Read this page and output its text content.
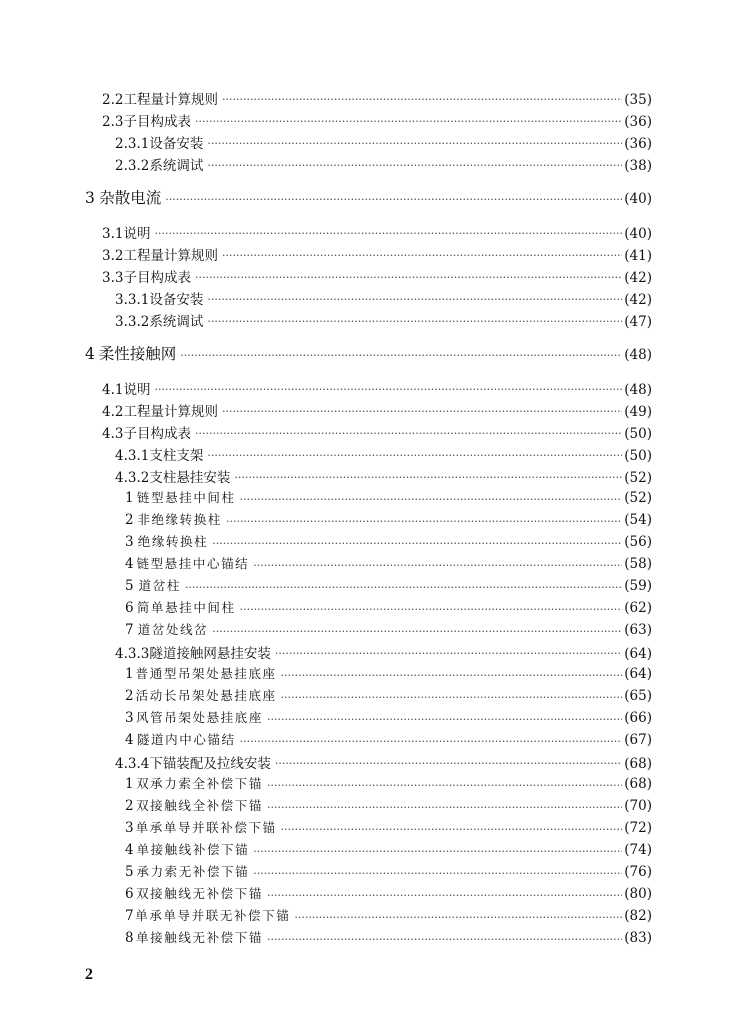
2.2 工程量计算规则 ·····	(35)
2.3 子目构成表 ·····	(36)
2.3.1 设备安装 ·····	(36)
2.3.2 系统调试 ·····	(38)
3 杂散电流 ·····	(40)
3.1 说明 ·····	(40)
3.2 工程量计算规则 ·····	(41)
3.3 子目构成表 ·····	(42)
3.3.1 设备安装 ·····	(42)
3.3.2 系统调试 ·····	(47)
4 柔性接触网 ·····	(48)
4.1 说明 ·····	(48)
4.2 工程量计算规则 ·····	(49)
4.3 子目构成表 ·····	(50)
4.3.1 支柱支架 ·····	(50)
4.3.2 支柱悬挂安装 ·····	(52)
1 链型悬挂中间柱 ·····	(52)
2 非绝缘转换柱 ·····	(54)
3 绝缘转换柱 ·····	(56)
4 链型悬挂中心锚结 ·····	(58)
5 道岔柱 ·····	(59)
6 简单悬挂中间柱 ·····	(62)
7 道岔处线岔 ·····	(63)
4.3.3 隧道接触网悬挂安装 ·····	(64)
1 普通型吊架处悬挂底座 ·····	(64)
2 活动长吊架处悬挂底座 ·····	(65)
3 风管吊架处悬挂底座 ·····	(66)
4 隧道内中心锚结 ·····	(67)
4.3.4 下锚装配及拉线安装 ·····	(68)
1 双承力索全补偿下锚 ·····	(68)
2 双接触线全补偿下锚 ·····	(70)
3 单承单导并联补偿下锚 ·····	(72)
4 单接触线补偿下锚 ·····	(74)
5 承力索无补偿下锚 ·····	(76)
6 双接触线无补偿下锚 ·····	(80)
7 单承单导并联无补偿下锚 ·····	(82)
8 单接触线无补偿下锚 ·····	(83)
2
